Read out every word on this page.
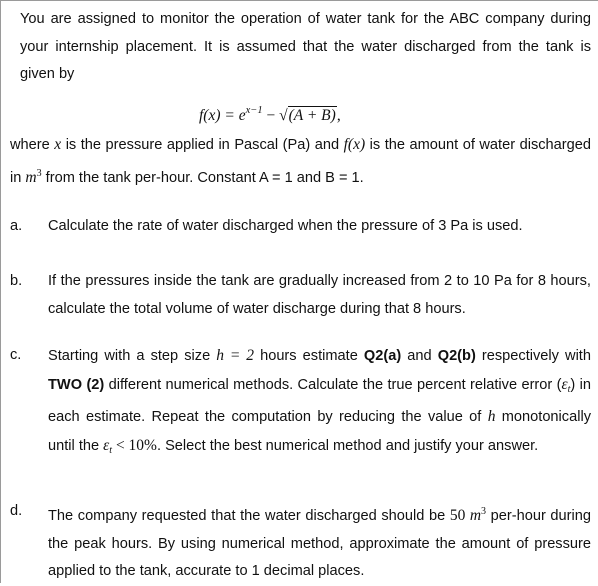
You are assigned to monitor the operation of water tank for the ABC company during your internship placement. It is assumed that the water discharged from the tank is given by
$f(x) = e^{x-1} - √(A + B)$,
where x is the pressure applied in Pascal (Pa) and f(x) is the amount of water discharged in $m^3$ from the tank per-hour. Constant A = 1 and B = 1.
a. Calculate the rate of water discharged when the pressure of 3 Pa is used.
b. If the pressures inside the tank are gradually increased from 2 to 10 Pa for 8 hours, calculate the total volume of water discharge during that 8 hours.
c. Starting with a step size h = 2 hours estimate Q2(a) and Q2(b) respectively with TWO (2) different numerical methods. Calculate the true percent relative error $(\varepsilon_t)$ in each estimate. Repeat the computation by reducing the value of h monotonically until the $\varepsilon_t < 10\%$. Select the best numerical method and justify your answer.
d. The company requested that the water discharged should be 50 $m^3$ per-hour during the peak hours. By using numerical method, approximate the amount of pressure applied to the tank, accurate to 1 decimal places.
